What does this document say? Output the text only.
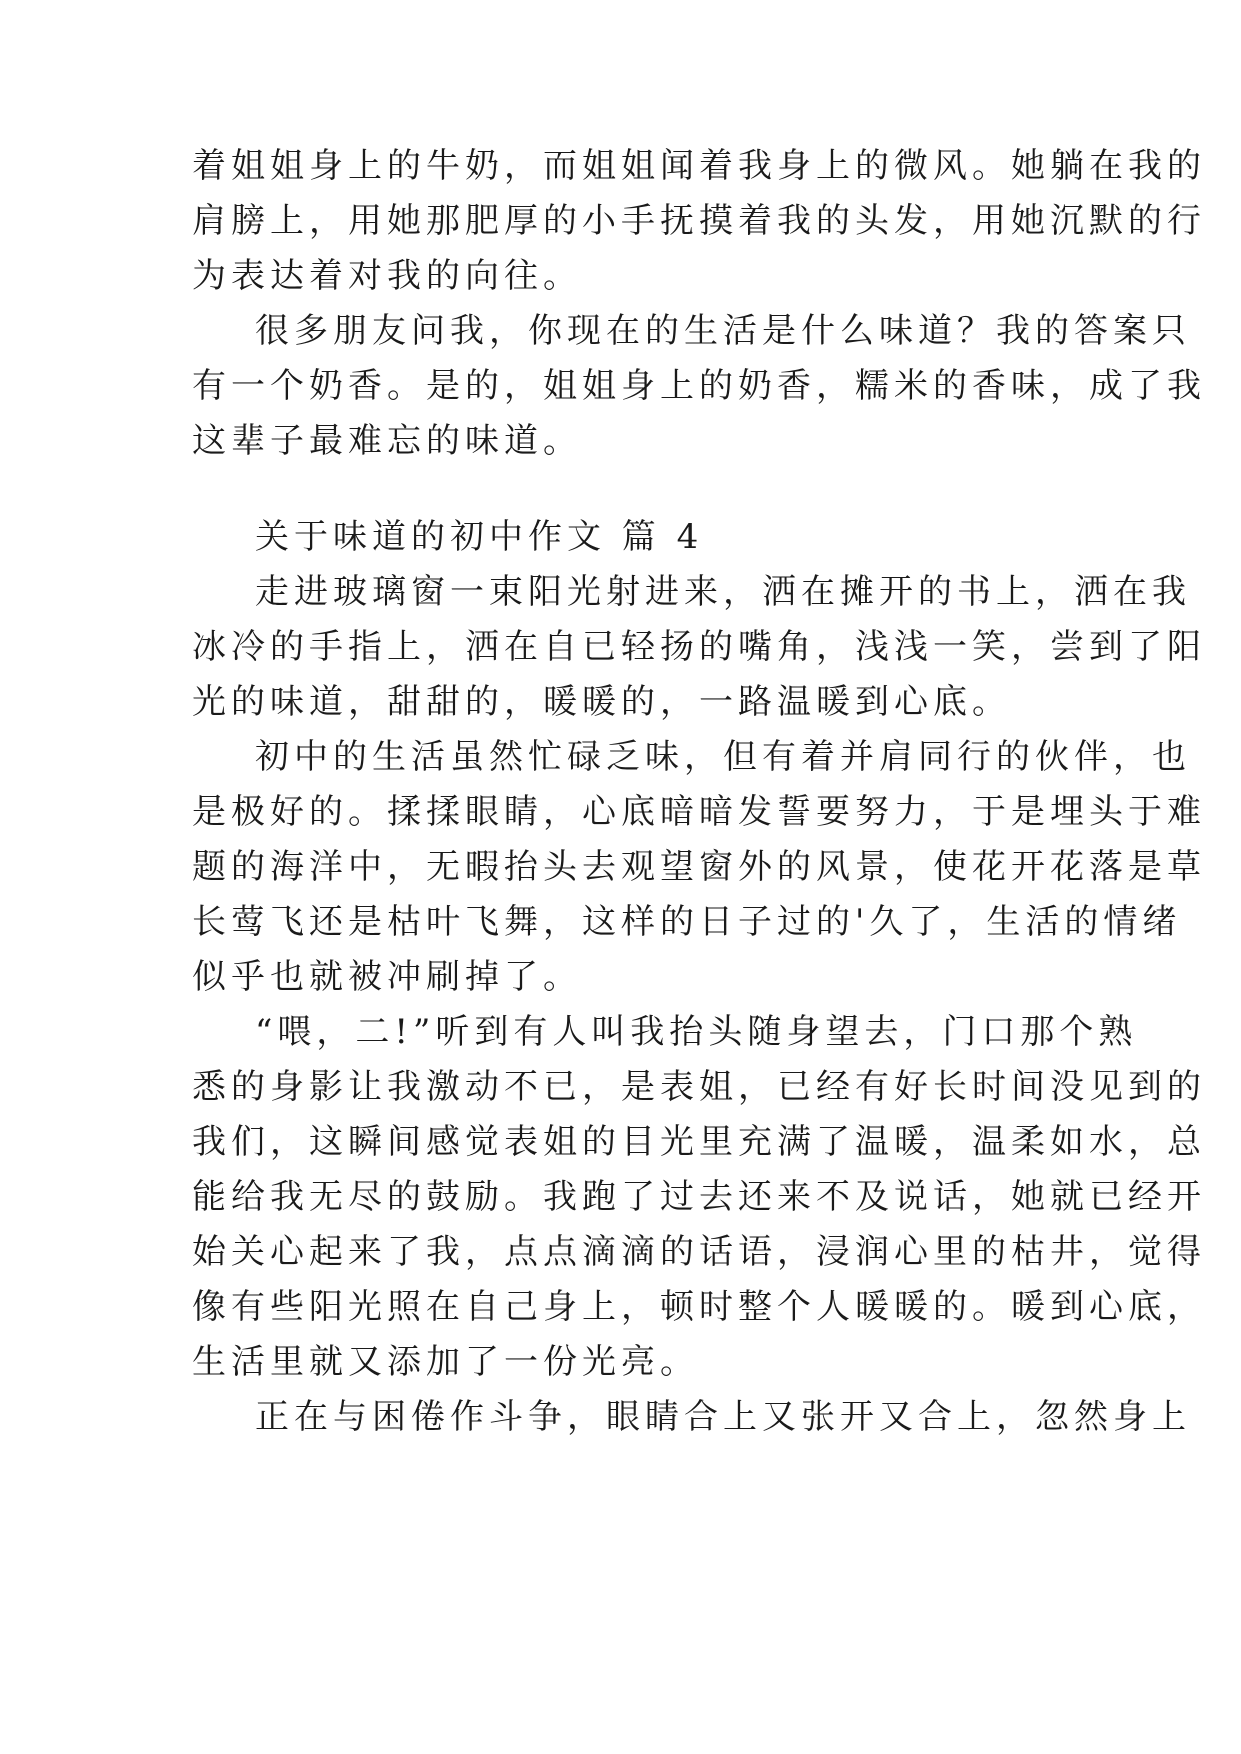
着姐姐身上的牛奶，而姐姐闻着我身上的微风。她躺在我的
肩膀上，用她那肥厚的小手抚摸着我的头发，用她沉默的行
为表达着对我的向往。
很多朋友问我，你现在的生活是什么味道？我的答案只
有一个奶香。是的，姐姐身上的奶香，糯米的香味，成了我
这辈子最难忘的味道。
关于味道的初中作文 篇 4
走进玻璃窗一束阳光射进来，洒在摊开的书上，洒在我
冰冷的手指上，洒在自已轻扬的嘴角，浅浅一笑，尝到了阳
光的味道，甜甜的，暖暖的，一路温暖到心底。
初中的生活虽然忙碌乏味，但有着并肩同行的伙伴，也
是极好的。揉揉眼睛，心底暗暗发誓要努力，于是埋头于难
题的海洋中，无暇抬头去观望窗外的风景，使花开花落是草
长莺飞还是枯叶飞舞，这样的日子过的'久了，生活的情绪
似乎也就被冲刷掉了。
“喂，二!”听到有人叫我抬头随身望去，门口那个熟
悉的身影让我激动不已，是表姐，已经有好长时间没见到的
我们，这瞬间感觉表姐的目光里充满了温暖，温柔如水，总
能给我无尽的鼓励。我跑了过去还来不及说话，她就已经开
始关心起来了我，点点滴滴的话语，浸润心里的枯井，觉得
像有些阳光照在自己身上，顿时整个人暖暖的。暖到心底，
生活里就又添加了一份光亮。
正在与困倦作斗争，眼睛合上又张开又合上，忽然身上
